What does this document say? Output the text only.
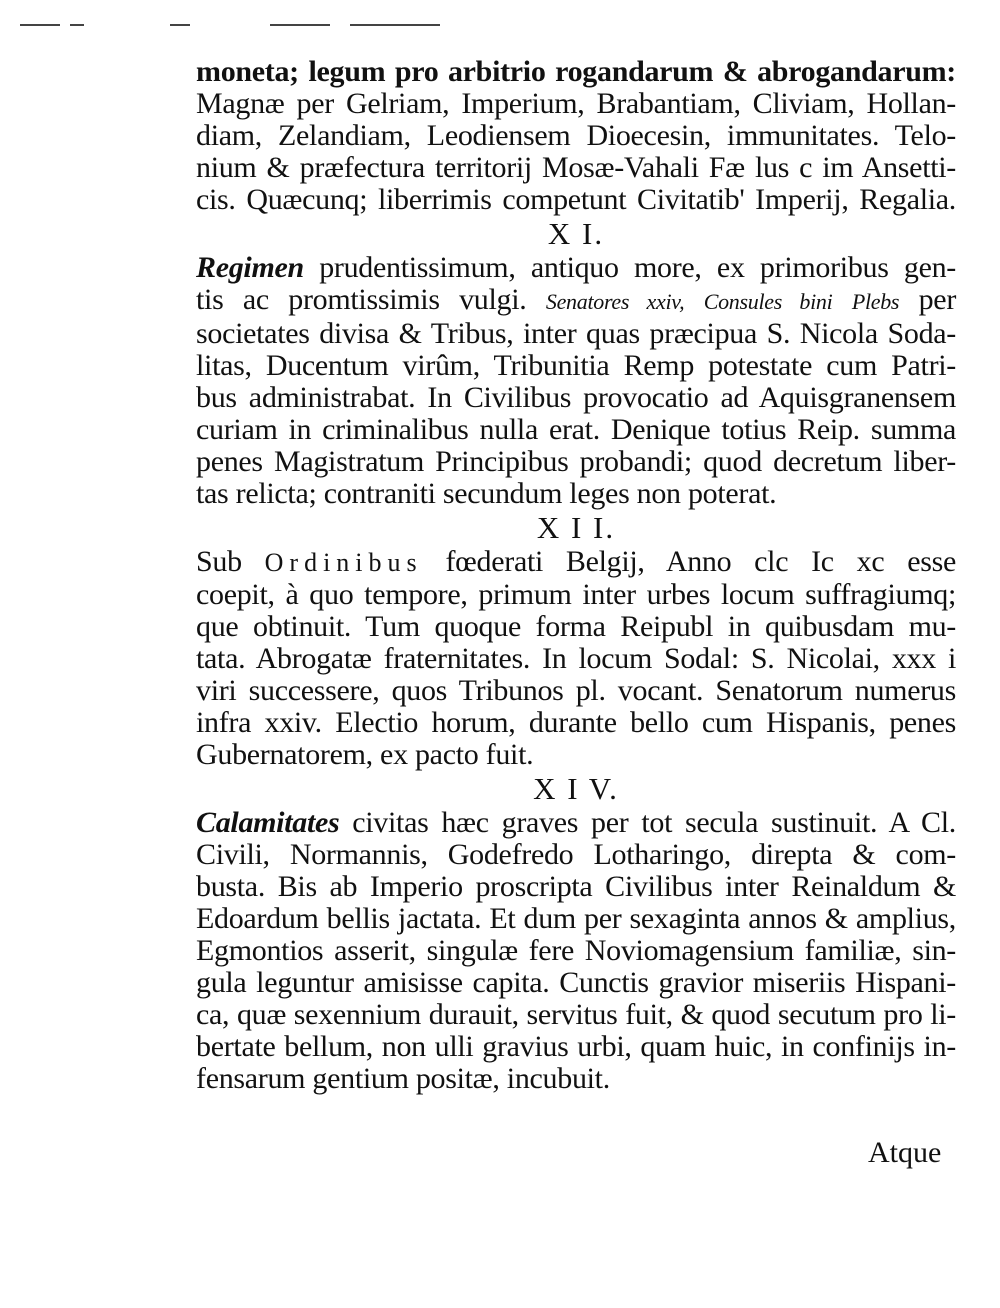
moneta; legum pro arbitrio rogandarum & abrogandarum:
Magnæ per Gelriam, Imperium, Brabantiam, Cliviam, Hollan-
diam, Zelandiam, Leodiensem Dioecesin, immunitates. Telo-
nium & præfectura territorij Mosæ-Vahali Fæ lus c im Ansetti-
cis. Quæcunq; liberrimis competunt Civitatib' Imperij, Regalia.
X I.
Regimen prudentissimum, antiquo more, ex primoribus gen-
tis ac promtissimis vulgi. Senatores xxiv, Consules bini Plebs per
societates divisa & Tribus, inter quas præcipua S. Nicola Soda-
litas, Ducentum virûm, Tribunitia Remp potestate cum Patri-
bus administrabat. In Civilibus provocatio ad Aquisgranensem
curiam in criminalibus nulla erat. Denique totius Reip. summa
penes Magistratum Principibus probandi; quod decretum liber-
tas relicta; contraniti secundum leges non poterat.
X I I.
Sub Ordinibus fœderati Belgij, Anno clc Ic xc esse
coepit, à quo tempore, primum inter urbes locum suffragiumq;
que obtinuit. Tum quoque forma Reipubl in quibusdam mu-
tata. Abrogatæ fraternitates. In locum Sodal: S. Nicolai, xxx i
viri successere, quos Tribunos pl. vocant. Senatorum numerus
infra xxiv. Electio horum, durante bello cum Hispanis, penes
Gubernatorem, ex pacto fuit.
X I V.
Calamitates civitas hæc graves per tot secula sustinuit. A Cl.
Civili, Normannis, Godefredo Lotharingo, direpta & com-
busta. Bis ab Imperio proscripta Civilibus inter Reinaldum &
Edoardum bellis jactata. Et dum per sexaginta annos & amplius,
Egmontios asserit, singulæ fere Noviomagensium familiæ, sin-
gula leguntur amisisse capita. Cunctis gravior miseriis Hispani-
ca, quæ sexennium durauit, servitus fuit, & quod secutum pro li-
bertate bellum, non ulli gravius urbi, quam huic, in confinijs in-
fensarum gentium positæ, incubuit.
Atque
